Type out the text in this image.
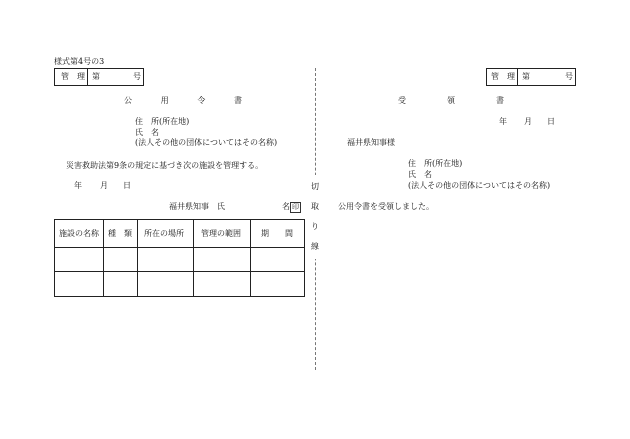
様式第4号の3
管　理 第	号
公	用	令	書
住　所(所在地)
氏　名
(法人その他の団体についてはその名称)
災害救助法第9条の規定に基づき次の施設を管理する。
年 月 日
福井県知事　氏	名 印
施設の名称 種　類 所在の場所 管理の範囲	期　　間
切
取
り
線
管　理 第	号
受	領	書
年 月 日
福井県知事様
住　所(所在地)
氏　名
(法人その他の団体についてはその名称)
公用令書を受領しました。
